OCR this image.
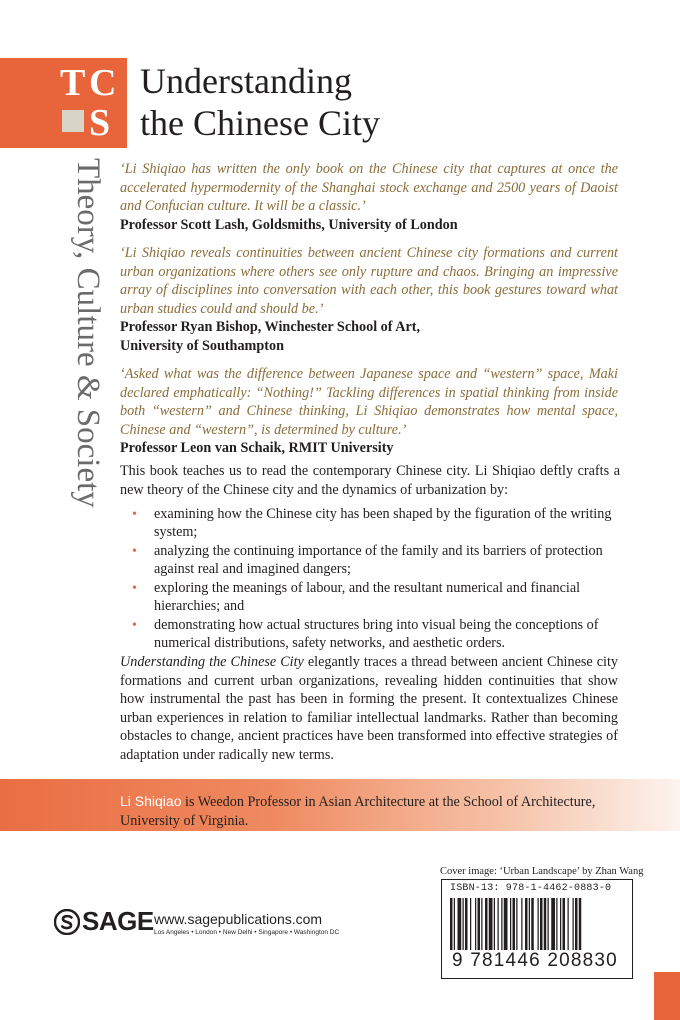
T C
S
Understanding
the Chinese City
Theory, Culture & Society ‘Li Shiqiao has written the only book on the Chinese city that captures at once the accelerated hypermodernity of the Shanghai stock exchange and 2500 years of Daoist and Confucian culture. It will be a classic.’
Professor Scott Lash, Goldsmiths, University of London
‘Li Shiqiao reveals continuities between ancient Chinese city formations and current urban organizations where others see only rupture and chaos. Bringing an impressive array of disciplines into conversation with each other, this book gestures toward what urban studies could and should be.’
Professor Ryan Bishop, Winchester School of Art, University of Southampton
‘Asked what was the difference between Japanese space and “western” space, Maki declared emphatically: “Nothing!” Tackling differences in spatial thinking from inside both “western” and Chinese thinking, Li Shiqiao demonstrates how mental space, Chinese and “western”, is determined by culture.’
Professor Leon van Schaik, RMIT University
This book teaches us to read the contemporary Chinese city. Li Shiqiao deftly crafts a new theory of the Chinese city and the dynamics of urbanization by:
• examining how the Chinese city has been shaped by the figuration of the writing system;
• analyzing the continuing importance of the family and its barriers of protection against real and imagined dangers;
• exploring the meanings of labour, and the resultant numerical and financial hierarchies; and
• demonstrating how actual structures bring into visual being the conceptions of numerical distributions, safety networks, and aesthetic orders.
Understanding the Chinese City elegantly traces a thread between ancient Chinese city formations and current urban organizations, revealing hidden continuities that show how instrumental the past has been in forming the present. It contextualizes Chinese urban experiences in relation to familiar intellectual landmarks. Rather than becoming obstacles to change, ancient practices have been transformed into effective strategies of adaptation under radically new terms.
Li Shiqiao is Weedon Professor in Asian Architecture at the School of Architecture, University of Virginia.
Cover image: ‘Urban Landscape’ by Zhan Wang
ISBN-13: 978-1-4462-0883-0
9 781446 208830
SAGE www.sagepublications.com
Los Angeles • London • New Delhi • Singapore • Washington DC
